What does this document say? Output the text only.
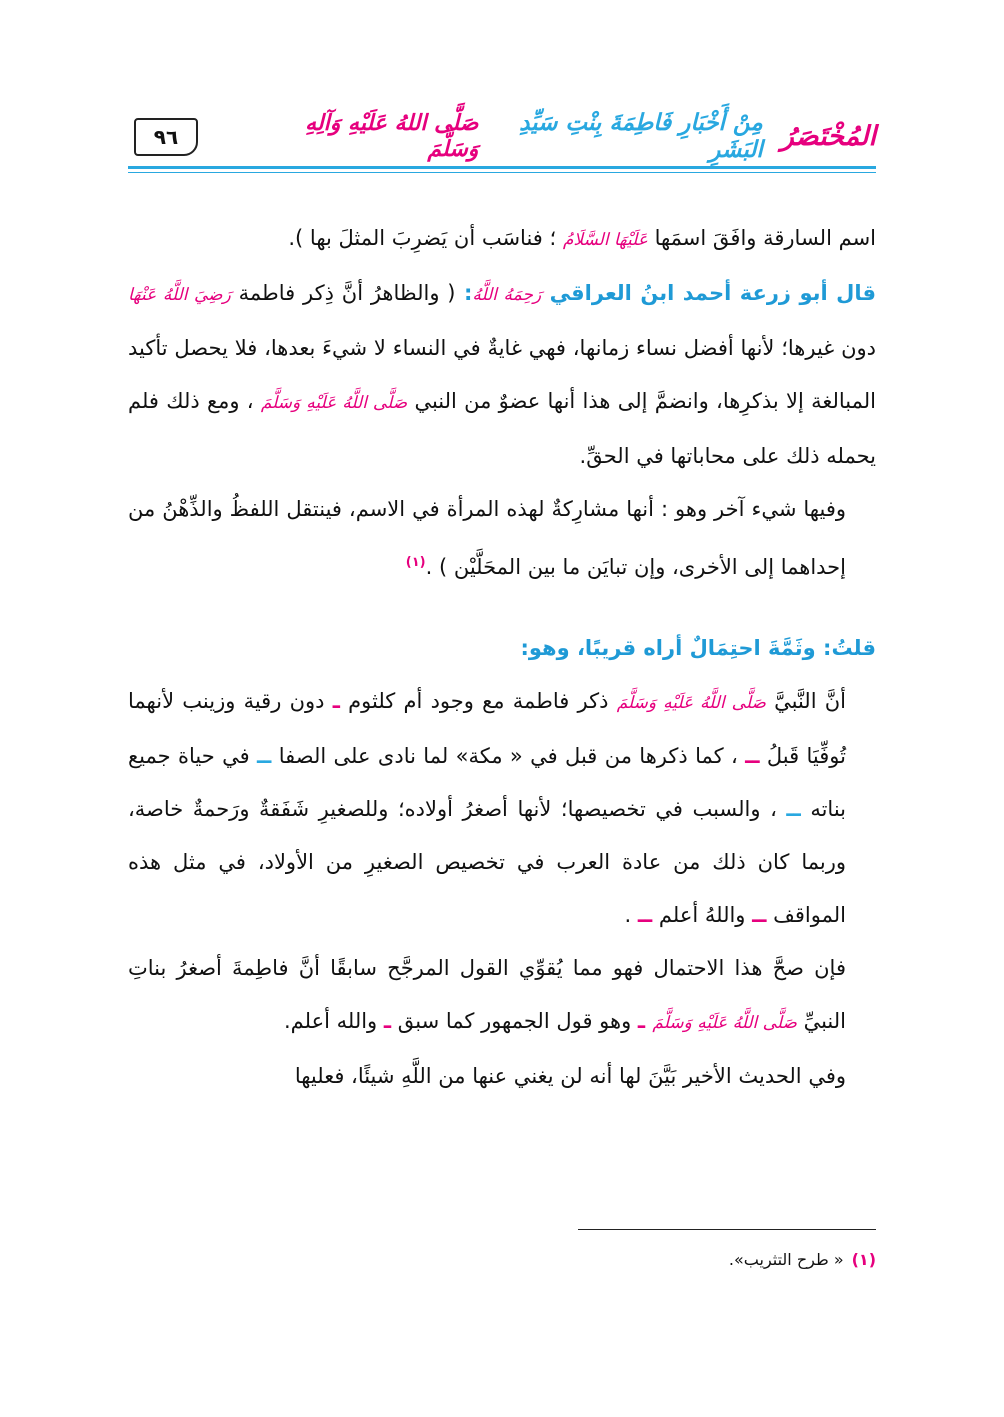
٩٦	المُخْتَصَرُ
مِنْ أَخْبَارِ فَاطِمَةَ بِنْتِ سَيِّدِ البَشَرِ
صَلَّى اللهُ عَلَيْهِ وَآلِهِ وَسَلَّمَ

اسم السارقة وافَقَ اسمَها عَلَيْهَا السَّلَامُ ؛ فناسَب أن يَضرِبَ المثلَ بها ).

قال أبو زرعة أحمد ابنُ العراقي رَحِمَهُ اللَّهُ: ( والظاهرُ أنَّ ذِكر فاطمة رَضِيَ اللَّهُ عَنْهَا دون غيرها؛ لأنها أفضل نساء زمانها، فهي غايةٌ في النساء لا شيءَ بعدها، فلا يحصل تأكيد المبالغة إلا بذكرِها، وانضمَّ إلى هذا أنها عضوٌ من النبي صَلَّى اللَّهُ عَلَيْهِ وَسَلَّمَ ، ومع ذلك فلم يحمله ذلك على محاباتها في الحقِّ.

وفيها شيء آخر وهو : أنها مشارِكةٌ لهذه المرأة في الاسم، فينتقل اللفظُ والذِّهْنُ من إحداهما إلى الأخرى، وإن تبايَن ما بين المحَلَّيْن ) .$^{(١)}$

قلتُ: وثَمَّةَ احتِمَالٌ أراه قريبًا، وهو:

أنَّ النَّبيَّ صَلَّى اللَّهُ عَلَيْهِ وَسَلَّمَ ذكر فاطمة مع وجود أم كلثوم ـ دون رقية وزينب لأنهما تُوفِّيَا قَبلُ ــ ، كما ذكرها من قبل في « مكة» لما نادى على الصفا ــ في حياة جميع بناته ــ ، والسبب في تخصيصها؛ لأنها أصغرُ أولاده؛ وللصغيرِ شَفَقةٌ ورَحمةٌ خاصة، وربما كان ذلك من عادة العرب في تخصيص الصغيرِ من الأولاد، في مثل هذه المواقف ــ واللهُ أعلم ــ .

فإن صحَّ هذا الاحتمال فهو مما يُقوِّي القول المرجَّح سابقًا أنَّ فاطِمةَ أصغرُ بناتِ النبيِّ صَلَّى اللَّهُ عَلَيْهِ وَسَلَّمَ ـ وهو قول الجمهور كما سبق ـ والله أعلم.

وفي الحديث الأخير بَيَّنَ لها أنه لن يغني عنها من اللَّهِ شيئًا، فعليها

(١)« طرح التثريب».
